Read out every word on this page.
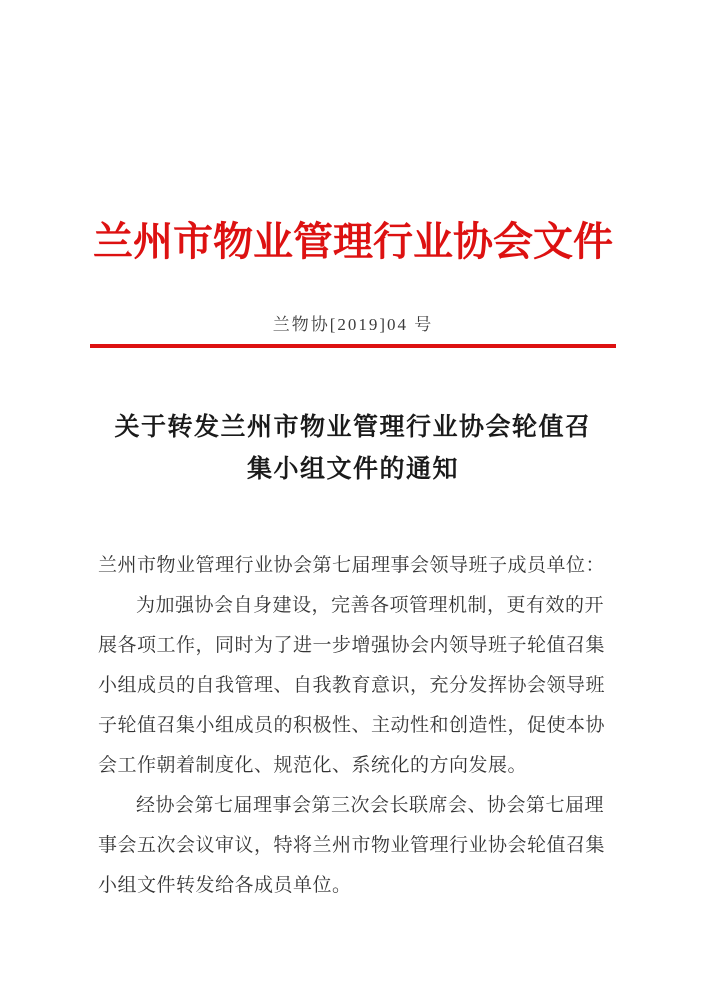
兰州市物业管理行业协会文件
兰物协[2019]04 号
关于转发兰州市物业管理行业协会轮值召集小组文件的通知

兰州市物业管理行业协会第七届理事会领导班子成员单位：

为加强协会自身建设，完善各项管理机制，更有效的开展各项工作，同时为了进一步增强协会内领导班子轮值召集小组成员的自我管理、自我教育意识，充分发挥协会领导班子轮值召集小组成员的积极性、主动性和创造性，促使本协会工作朝着制度化、规范化、系统化的方向发展。

经协会第七届理事会第三次会长联席会、协会第七届理事会五次会议审议，特将兰州市物业管理行业协会轮值召集小组文件转发给各成员单位。
